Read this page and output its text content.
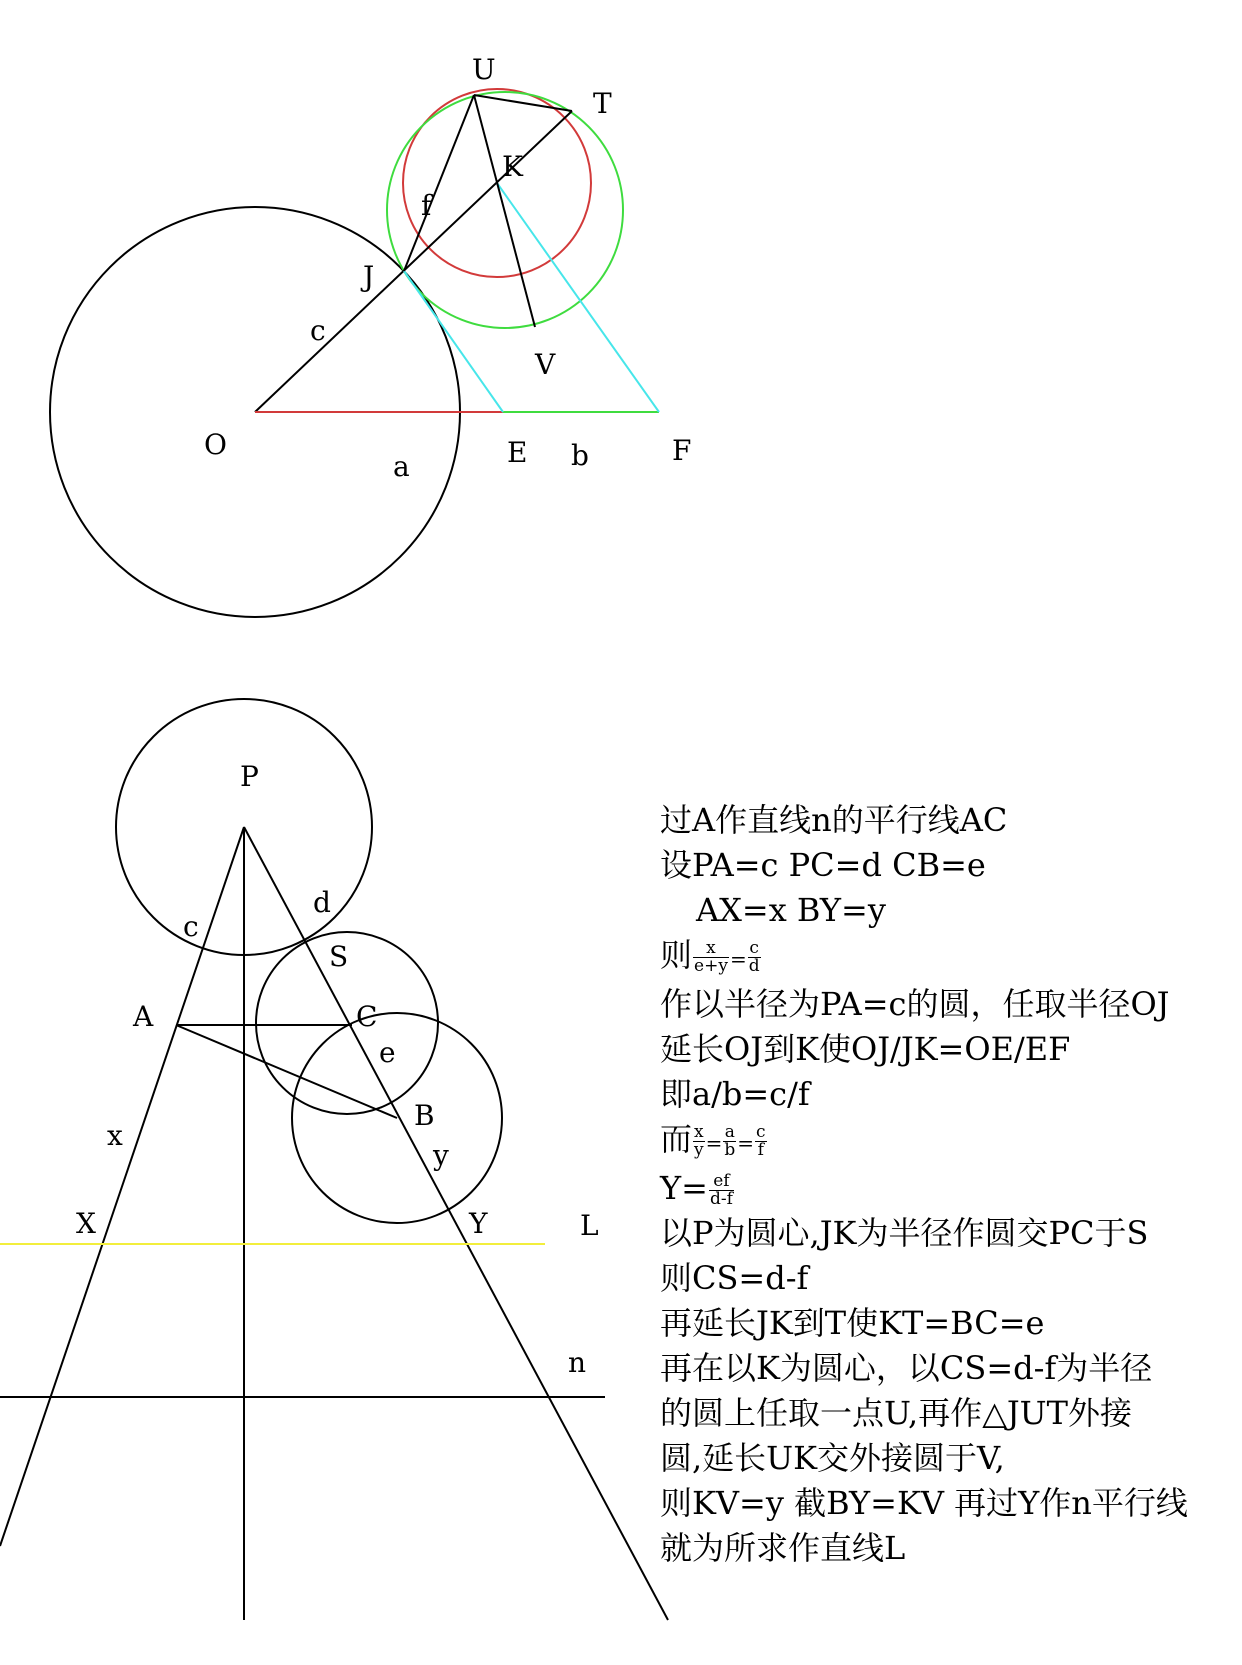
U
T
K
f
J
c
V
O
a	E b	F
P
c
d
S
A	C
e
B
x
y
X	Y	L
n
过A作直线n的平行线AC
设PA=c PC=d CB=e
AX=x BY=y
则 $\frac{x}{e+y} = \frac{c}{d}$
作以半径为PA=c的圆，任取半径OJ
延长OJ到K使OJ/JK=OE/EF
即a/b=c/f
而 $\frac{x}{y} = \frac{a}{b} = \frac{c}{f}$
$Y= \frac{ef}{d-f}$
以P为圆心,JK为半径作圆交PC于S
则CS=d-f
再延长JK到T使KT=BC=e
再在以K为圆心，以CS=d-f为半径
的圆上任取一点U,再作△JUT外接
圆,延长UK交外接圆于V,
则KV=y 截BY=KV 再过Y作n平行线
就为所求作直线L
